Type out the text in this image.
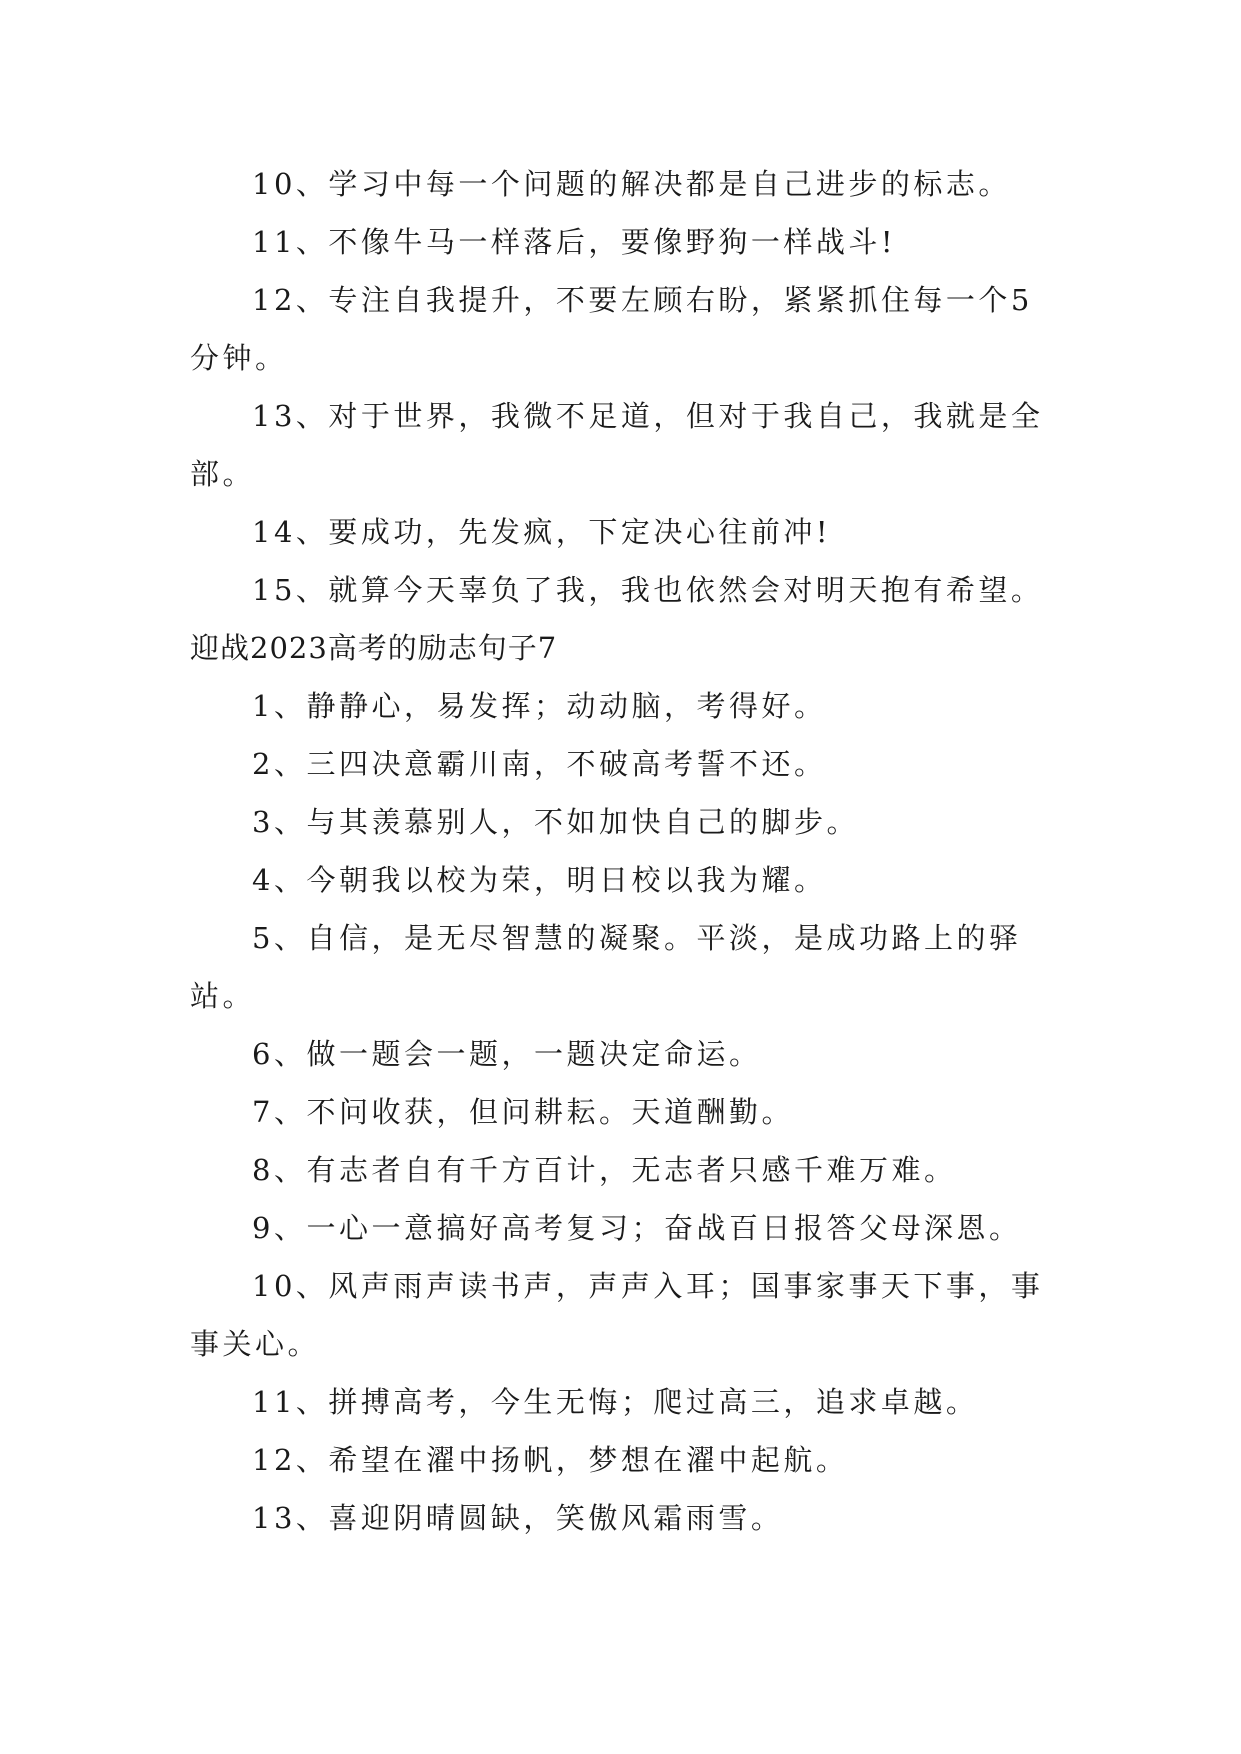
10、学习中每一个问题的解决都是自己进步的标志。

11、不像牛马一样落后，要像野狗一样战斗!

12、专注自我提升，不要左顾右盼，紧紧抓住每一个5分钟。

13、对于世界，我微不足道，但对于我自己，我就是全部。

14、要成功，先发疯，下定决心往前冲!

15、就算今天辜负了我，我也依然会对明天抱有希望。

迎战2023高考的励志句子7

1、静静心，易发挥；动动脑，考得好。

2、三四决意霸川南，不破高考誓不还。

3、与其羡慕别人，不如加快自己的脚步。

4、今朝我以校为荣，明日校以我为耀。

5、自信，是无尽智慧的凝聚。平淡，是成功路上的驿站。

6、做一题会一题，一题决定命运。

7、不问收获，但问耕耘。天道酬勤。

8、有志者自有千方百计，无志者只感千难万难。

9、一心一意搞好高考复习；奋战百日报答父母深恩。

10、风声雨声读书声，声声入耳；国事家事天下事，事事关心。

11、拼搏高考，今生无悔；爬过高三，追求卓越。

12、希望在濯中扬帆，梦想在濯中起航。

13、喜迎阴晴圆缺，笑傲风霜雨雪。
